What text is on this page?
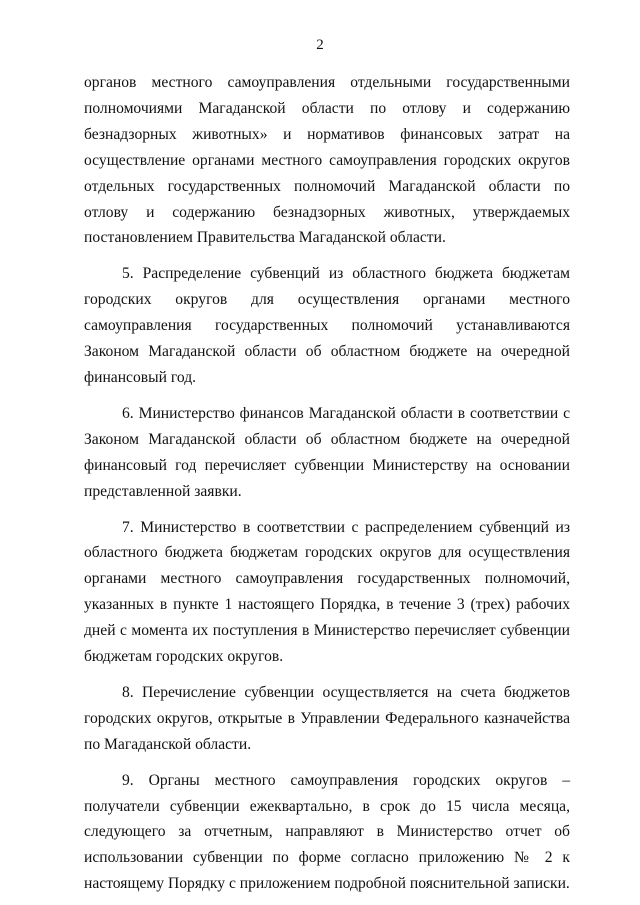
2

органов местного самоуправления отдельными государственными полномочиями Магаданской области по отлову и содержанию безнадзорных животных» и нормативов финансовых затрат на осуществление органами местного самоуправления городских округов отдельных государственных полномочий Магаданской области по отлову и содержанию безнадзорных животных, утверждаемых постановлением Правительства Магаданской области.

5. Распределение субвенций из областного бюджета бюджетам городских округов для осуществления органами местного самоуправления государственных полномочий устанавливаются Законом Магаданской области об областном бюджете на очередной финансовый год.

6. Министерство финансов Магаданской области в соответствии с Законом Магаданской области об областном бюджете на очередной финансовый год перечисляет субвенции Министерству на основании представленной заявки.

7. Министерство в соответствии с распределением субвенций из областного бюджета бюджетам городских округов для осуществления органами местного самоуправления государственных полномочий, указанных в пункте 1 настоящего Порядка, в течение 3 (трех) рабочих дней с момента их поступления в Министерство перечисляет субвенции бюджетам городских округов.

8. Перечисление субвенции осуществляется на счета бюджетов городских округов, открытые в Управлении Федерального казначейства по Магаданской области.

9. Органы местного самоуправления городских округов – получатели субвенции ежеквартально, в срок до 15 числа месяца, следующего за отчетным, направляют в Министерство отчет об использовании субвенции по форме согласно приложению № 2 к настоящему Порядку с приложением подробной пояснительной записки.
